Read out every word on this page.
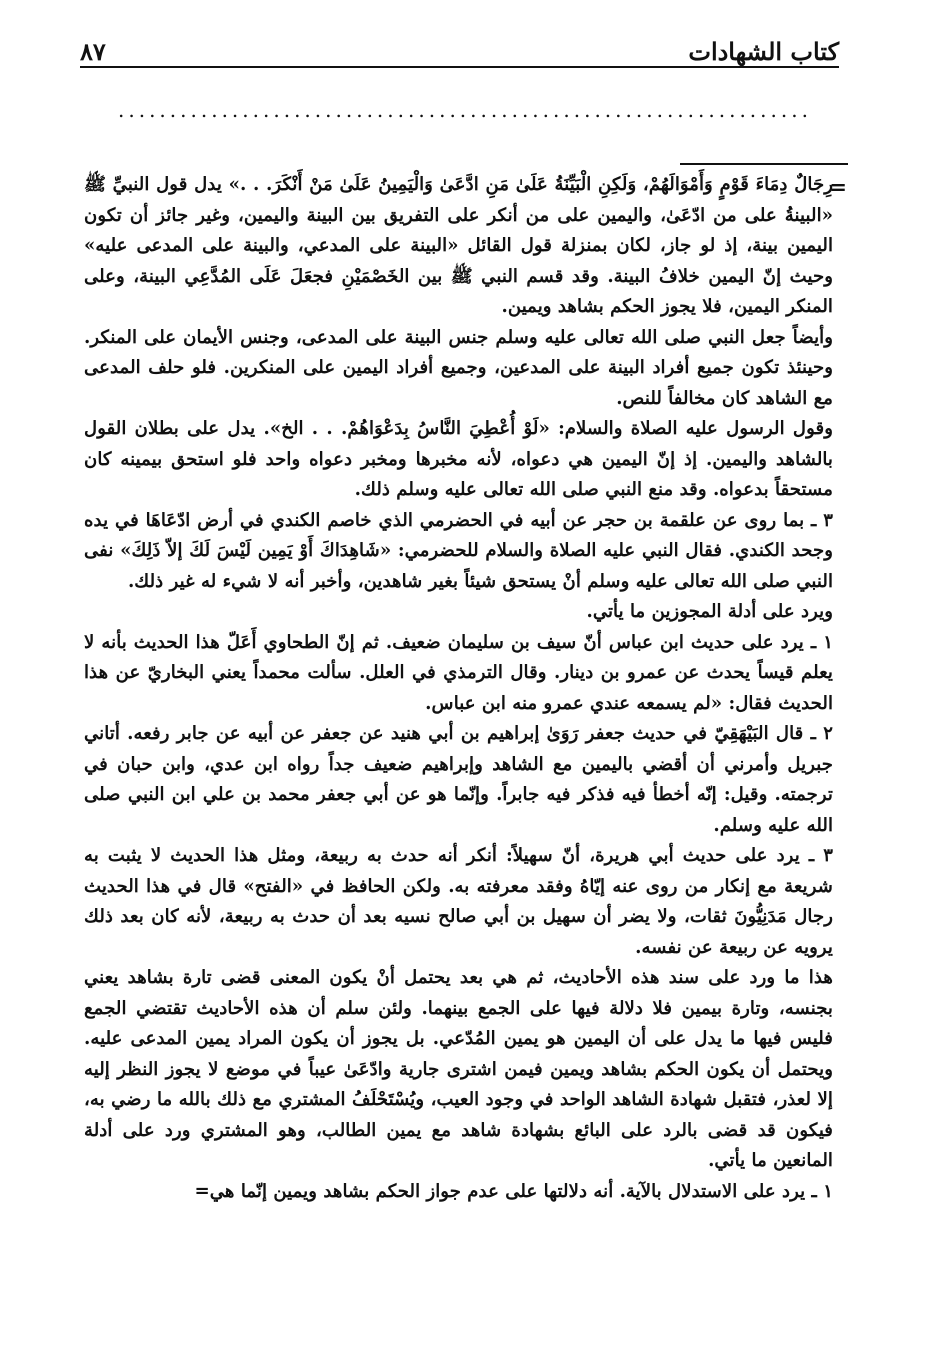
كتاب الشهادات
٨٧
...................................................................
=

رِجَالٌ دِمَاءَ قَوْمٍ وَأَمْوَالَهُمْ، وَلَكِنِ الْبَيِّنَةُ عَلَىٰ مَنِ ادَّعَىٰ وَالْيَمِينُ عَلَىٰ مَنْ أَنْكَرَ. . .» يدل قول النبيِّ ﷺ «البينةُ على من ادّعَىٰ، واليمين على من أنكر على التفريق بين البينة واليمين، وغير جائز أن تكون اليمين بينة، إذ لو جاز، لكان بمنزلة قول القائل «البينة على المدعي، والبينة على المدعى عليه» وحيث إنّ اليمين خلافُ البينة. وقد قسم النبي ﷺ بين الخَصْمَيْنِ فجعَلَ عَلَى المُدَّعِي البينة، وعلى المنكر اليمين، فلا يجوز الحكم بشاهد ويمين.

وأيضاً جعل النبي صلى الله تعالى عليه وسلم جنس البينة على المدعى، وجنس الأيمان على المنكر. وحينئذ تكون جميع أفراد البينة على المدعين، وجميع أفراد اليمين على المنكرين. فلو حلف المدعى مع الشاهد كان مخالفاً للنص.

وقول الرسول عليه الصلاة والسلام: «لَوْ أُعْطِيَ النَّاسُ بِدَعْوَاهُمْ. . . الخ». يدل على بطلان القول بالشاهد واليمين. إذ إنّ اليمين هي دعواه، لأنه مخبرها ومخبر دعواه واحد فلو استحق بيمينه كان مستحقاً بدعواه. وقد منع النبي صلى الله تعالى عليه وسلم ذلك.

٣ ـ بما روى عن علقمة بن حجر عن أبيه في الحضرمي الذي خاصم الكندي في أرض ادّعَاهَا في يده وجحد الكندي. فقال النبي عليه الصلاة والسلام للحضرمي: «شَاهِدَاكَ أَوْ يَمِين لَيْسَ لَكَ إلاّ ذَلِكَ» نفى النبي صلى الله تعالى عليه وسلم أنْ يستحق شيئاً بغير شاهدين، وأخبر أنه لا شيء له غير ذلك.

ويرد على أدلة المجوزين ما يأتي.

١ ـ يرد على حديث ابن عباس أنّ سيف بن سليمان ضعيف. ثم إنّ الطحاوي أَعَلّ هذا الحديث بأنه لا يعلم قيساً يحدث عن عمرو بن دينار. وقال الترمذي في العلل. سألت محمداً يعني البخاريّ عن هذا الحديث فقال: «لم يسمعه عندي عمرو منه ابن عباس.

٢ ـ قال البَيْهَقِيّ في حديث جعفر رَوَىٰ إبراهيم بن أبي هنيد عن جعفر عن أبيه عن جابر رفعه. أتاني جبريل وأمرني أن أقضي باليمين مع الشاهد وإبراهيم ضعيف جداً رواه ابن عدي، وابن حبان في ترجمته. وقيل: إنّه أخطأ فيه فذكر فيه جابراً. وإنّما هو عن أبي جعفر محمد بن علي ابن النبي صلى الله عليه وسلم.

٣ ـ يرد على حديث أبي هريرة، أنّ سهيلاً: أنكر أنه حدث به ربيعة، ومثل هذا الحديث لا يثبت به شريعة مع إنكار من روى عنه إيّاهُ وفقد معرفته به. ولكن الحافظ في «الفتح» قال في هذا الحديث رجال مَدَنِيُّونَ ثقات، ولا يضر أن سهيل بن أبي صالح نسيه بعد أن حدث به ربيعة، لأنه كان بعد ذلك يرويه عن ربيعة عن نفسه.

هذا ما ورد على سند هذه الأحاديث، ثم هي بعد يحتمل أنْ يكون المعنى قضى تارة بشاهد يعني بجنسه، وتارة بيمين فلا دلالة فيها على الجمع بينهما. ولئن سلم أن هذه الأحاديث تقتضي الجمع فليس فيها ما يدل على أن اليمين هو يمين المُدّعي. بل يجوز أن يكون المراد يمين المدعى عليه. ويحتمل أن يكون الحكم بشاهد ويمين فيمن اشترى جارية وادّعَىٰ عيباً في موضع لا يجوز النظر إليه إلا لعذر، فتقبل شهادة الشاهد الواحد في وجود العيب، ويُسْتَحْلَفُ المشتري مع ذلك بالله ما رضي به، فيكون قد قضى بالرد على البائع بشهادة شاهد مع يمين الطالب، وهو المشتري ورد على أدلة المانعين ما يأتي.

١ ـ يرد على الاستدلال بالآية. أنه دلالتها على عدم جواز الحكم بشاهد ويمين إنّما هي=
